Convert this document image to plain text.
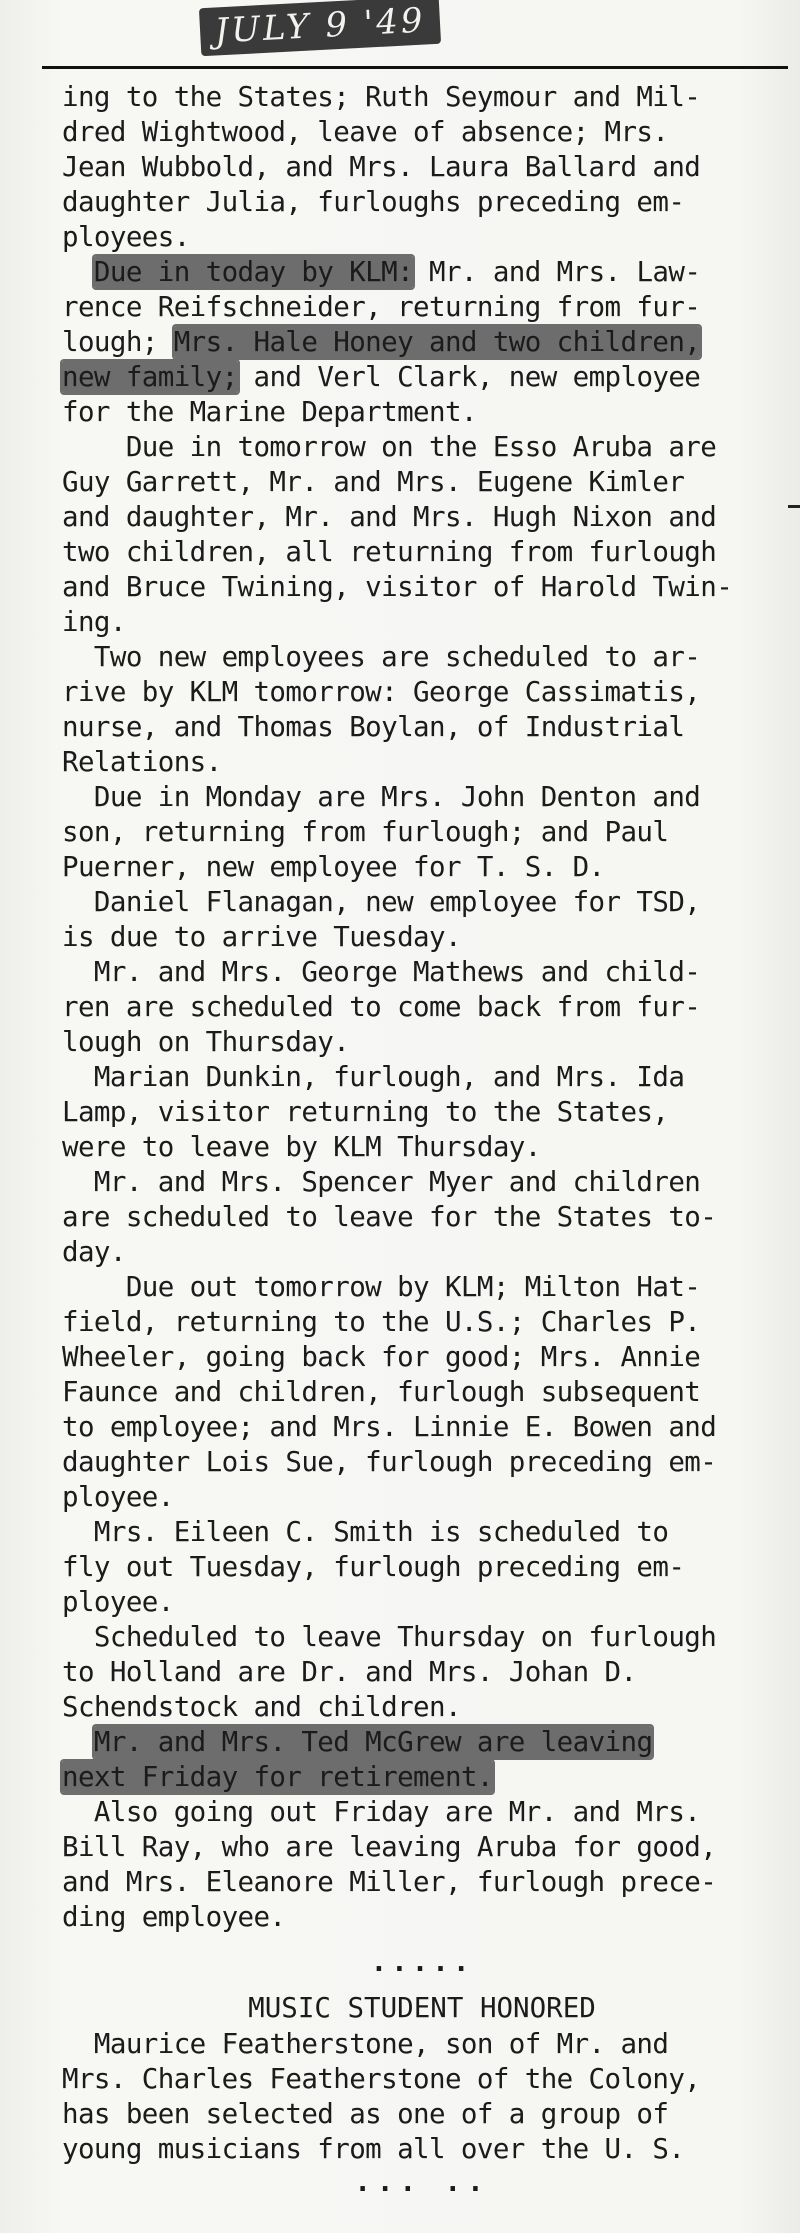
JULY 9 '49
ing to the States; Ruth Seymour and Mil-
dred Wightwood, leave of absence; Mrs.
Jean Wubbold, and Mrs. Laura Ballard and
daughter Julia, furloughs preceding em-
ployees.
Due in today by KLM: Mr. and Mrs. Law-
rence Reifschneider, returning from fur-
lough; Mrs. Hale Honey and two children,
new family; and Verl Clark, new employee
for the Marine Department.
Due in tomorrow on the Esso Aruba are
Guy Garrett, Mr. and Mrs. Eugene Kimler
and daughter, Mr. and Mrs. Hugh Nixon and
two children, all returning from furlough
and Bruce Twining, visitor of Harold Twin-
ing.
Two new employees are scheduled to ar-
rive by KLM tomorrow: George Cassimatis,
nurse, and Thomas Boylan, of Industrial
Relations.
Due in Monday are Mrs. John Denton and
son, returning from furlough; and Paul
Puerner, new employee for T. S. D.
Daniel Flanagan, new employee for TSD,
is due to arrive Tuesday.
Mr. and Mrs. George Mathews and child-
ren are scheduled to come back from fur-
lough on Thursday.
Marian Dunkin, furlough, and Mrs. Ida
Lamp, visitor returning to the States,
were to leave by KLM Thursday.
Mr. and Mrs. Spencer Myer and children
are scheduled to leave for the States to-
day.
Due out tomorrow by KLM; Milton Hat-
field, returning to the U.S.; Charles P.
Wheeler, going back for good; Mrs. Annie
Faunce and children, furlough subsequent
to employee; and Mrs. Linnie E. Bowen and
daughter Lois Sue, furlough preceding em-
ployee.
Mrs. Eileen C. Smith is scheduled to
fly out Tuesday, furlough preceding em-
ployee.
Scheduled to leave Thursday on furlough
to Holland are Dr. and Mrs. Johan D.
Schendstock and children.
Mr. and Mrs. Ted McGrew are leaving
next Friday for retirement.
Also going out Friday are Mr. and Mrs.
Bill Ray, who are leaving Aruba for good,
and Mrs. Eleanore Miller, furlough prece-
ding employee.
.....
MUSIC STUDENT HONORED
Maurice Featherstone, son of Mr. and
Mrs. Charles Featherstone of the Colony,
has been selected as one of a group of
young musicians from all over the U. S.
... ..
